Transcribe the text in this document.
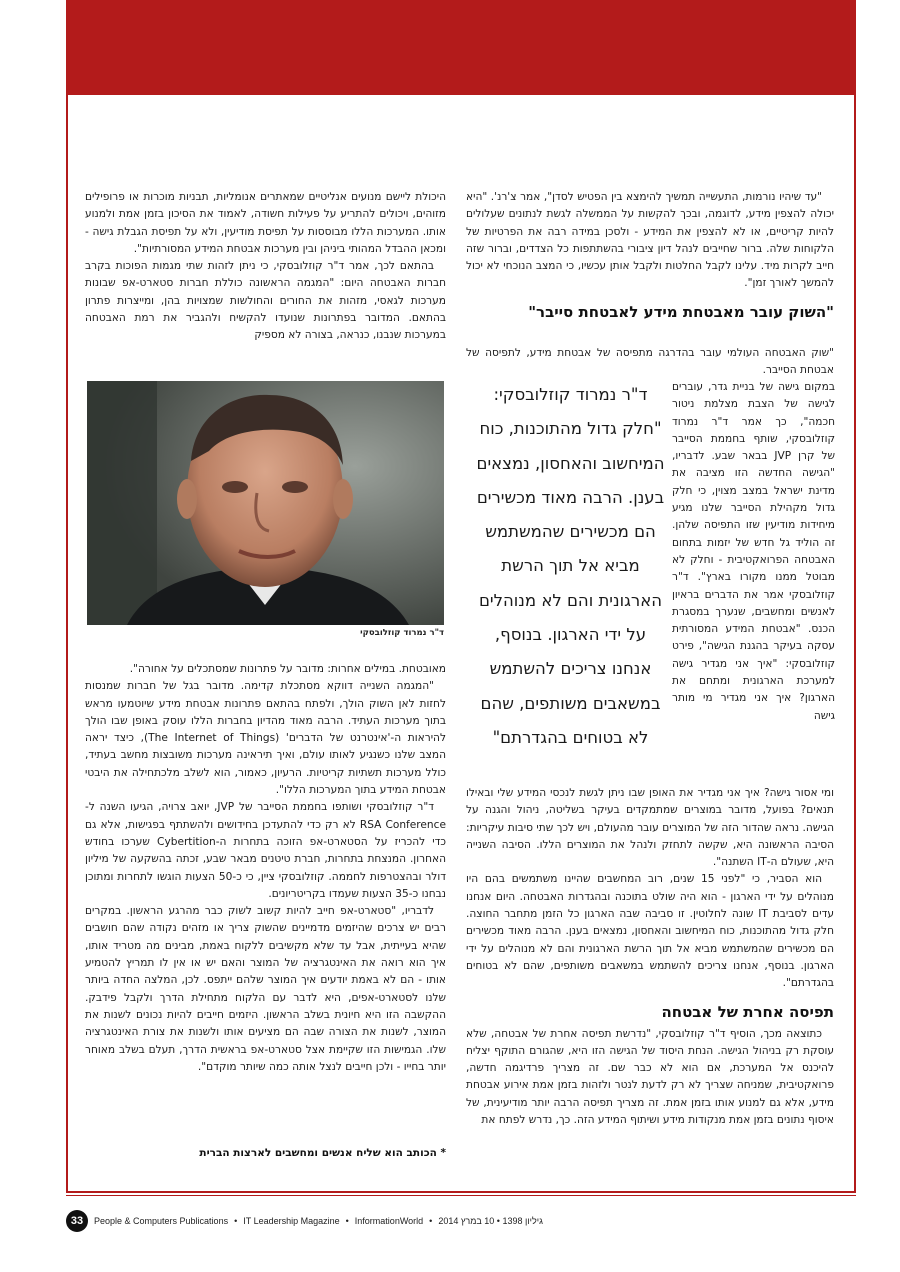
"עד שיהיו נורמות, התעשייה תמשיך להימצא בין הפטיש לסדן", אמר צ'רנ'. "היא יכולה להצפין מידע, לדוגמה, ובכך להקשות על הממשלה לגשת לנתונים שעלולים להיות קריטיים, או לא להצפין את המידע - ולסכן במידה רבה את הפרטיות של הלקוחות שלה. ברור שחייבים לנהל דיון ציבורי בהשתתפות כל הצדדים, וברור שזה חייב לקרות מיד. עלינו לקבל החלטות ולקבל אותן עכשיו, כי המצב הנוכחי לא יכול להמשך לאורך זמן".

"השוק עובר מאבטחת מידע לאבטחת סייבר"

"שוק האבטחה העולמי עובר בהדרגה מתפיסה של אבטחת מידע, לתפיסה של אבטחת הסייבר.

במקום גישה של בניית גדר, עוברים לגישה של הצבת מצלמת ניטור חכמה", כך אמר ד"ר נמרוד קוזלובסקי, שותף בחממת הסייבר של קרן JVP בבאר שבע. לדבריו, "הגישה החדשה הזו מציבה את מדינת ישראל במצב מצוין, כי חלק גדול מקהילת הסייבר שלנו מגיע מיחידות מודיעין שזו התפיסה שלהן. זה הוליד גל חדש של יזמות בתחום האבטחה הפרואקטיבית - וחלק לא מבוטל ממנו מקורו בארץ". ד"ר קוזלובסקי אמר את הדברים בראיון לאנשים ומחשבים, שנערך במסגרת הכנס. "אבטחת המידע המסורתית עסקה בעיקר בהגנת הגישה", פירט קוזלובסקי: "איך אני מגדיר גישה למערכת הארגונית ומתחם את הארגון? איך אני מגדיר מי מותר גישה

ד"ר נמרוד קוזלובסקי: "חלק גדול מהתוכנות, כוח המיחשוב והאחסון, נמצאים בענן. הרבה מאוד מכשירים הם מכשירים שהמשתמש מביא אל תוך הרשת הארגונית והם לא מנוהלים על ידי הארגון. בנוסף, אנחנו צריכים להשתמש במשאבים משותפים, שהם לא בטוחים בהגדרתם"

ומי אסור גישה? איך אני מגדיר את האופן שבו ניתן לגשת לנכסי המידע שלי ובאילו תנאים? בפועל, מדובר במוצרים שמתמקדים בעיקר בשליטה, ניהול והגנה על הגישה. נראה שהדור הזה של המוצרים עובר מהעולם, ויש לכך שתי סיבות עיקריות: הסיבה הראשונה היא, שקשה לתחזק ולנהל את המוצרים הללו. הסיבה השנייה היא, שעולם ה-IT השתנה".

הוא הסביר, כי "לפני 15 שנים, רוב המחשבים שהיינו משתמשים בהם היו מנוהלים על ידי הארגון - הוא היה שולט בתוכנה ובהגדרות האבטחה. היום אנחנו עדים לסביבת IT שונה לחלוטין. זו סביבה שבה הארגון כל הזמן מתחבר החוצה. חלק גדול מהתוכנות, כוח המיחשוב והאחסון, נמצאים בענן. הרבה מאוד מכשירים הם מכשירים שהמשתמש מביא אל תוך הרשת הארגונית והם לא מנוהלים על ידי הארגון. בנוסף, אנחנו צריכים להשתמש במשאבים משותפים, שהם לא בטוחים בהגדרתם".

תפיסה אחרת של אבטחה

כתוצאה מכך, הוסיף ד"ר קוזלובסקי, "נדרשת תפיסה אחרת של אבטחה, שלא עוסקת רק בניהול הגישה. הנחת היסוד של הגישה הזו היא, שהגורם התוקף יצליח להיכנס אל המערכת, אם הוא לא כבר שם. זה מצריך פרדיגמה חדשה, פרואקטיבית, שמניחה שצריך לא רק לדעת לנטר ולזהות בזמן אמת אירוע אבטחת מידע, אלא גם למנוע אותו בזמן אמת. זה מצריך תפיסה הרבה יותר מודיעינית, של איסוף נתונים בזמן אמת מנקודות מידע ושיתוף המידע הזה. כך, נדרש לפתח את

היכולת ליישם מנועים אנליטיים שמאתרים אנומליות, תבניות מוכרות או פרופילים מזוהים, ויכולים להתריע על פעילות חשודה, לאמוד את הסיכון בזמן אמת ולמנוע אותו. המערכות הללו מבוססות על תפיסת מודיעין, ולא על תפיסת הגבלת גישה - ומכאן ההבדל המהותי ביניהן ובין מערכות אבטחת המידע המסורתיות".

בהתאם לכך, אמר ד"ר קוזלובסקי, כי ניתן לזהות שתי מגמות הפוכות בקרב חברות האבטחה היום: "המגמה הראשונה כוללת חברות סטארט-אפ שבונות מערכות לגאסי, מזהות את החורים והחולשות שמצויות בהן, ומייצרות פתרון בהתאם. המדובר בפתרונות שנועדו להקשיח ולהגביר את רמת האבטחה במערכות שנבנו, כנראה, בצורה לא מספיק

ד"ר נמרוד קוזלובסקי

מאובטחת. במילים אחרות: מדובר על פתרונות שמסתכלים על אחורה".

"המגמה השנייה דווקא מסתכלת קדימה. מדובר בגל של חברות שמנסות לחזות לאן השוק הולך, ולפתח בהתאם פתרונות אבטחת מידע שיוטמעו מראש בתוך מערכות העתיד. הרבה מאוד מהדיון בחברות הללו עוסק באופן שבו הולך להיראות ה-'אינטרנט של הדברים' (The Internet of Things), כיצד יראה המצב שלנו כשנגיע לאותו עולם, ואיך תיראינה מערכות משובצות מחשב בעתיד, כולל מערכות תשתיות קריטיות. הרעיון, כאמור, הוא לשלב מלכתחילה את היבטי אבטחת המידע בתוך המערכות הללו".

ד"ר קוזלובסקי ושותפו בחממת הסייבר של JVP, יואב צרויה, הגיעו השנה ל-RSA Conference לא רק כדי להתעדכן בחידושים ולהשתתף בפגישות, אלא גם כדי להכריז על הסטארט-אפ הזוכה בתחרות ה-Cybertition שערכו בחודש האחרון. המנצחת בתחרות, חברת טיטנים מבאר שבע, זכתה בהשקעה של מיליון דולר ובהצטרפות לחממה. קוזלובסקי ציין, כי כ-50 הצעות הוגשו לתחרות ומתוכן נבחנו כ-35 הצעות שעמדו בקריטריונים.

לדבריו, "סטארט-אפ חייב להיות קשוב לשוק כבר מהרגע הראשון. במקרים רבים יש צרכים שהיזמים מדמיינים שהשוק צריך או מזהים נקודה שהם חושבים שהיא בעייתית, אבל עד שלא מקשיבים ללקוח באמת, מבינים מה מטריד אותו, איך הוא רואה את האינטגרציה של המוצר והאם יש או אין לו תמריץ להטמיע אותו - הם לא באמת יודעים איך המוצר שלהם ייתפס. לכן, המלצה החדה ביותר שלנו לסטארט-אפים, היא לדבר עם הלקוח מתחילת הדרך ולקבל פידבק. ההקשבה הזו היא חיונית בשלב הראשון. היזמים חייבים להיות נכונים לשנות את המוצר, לשנות את הצורה שבה הם מציעים אותו ולשנות את צורת האינטגרציה שלו. הגמישות הזו שקיימת אצל סטארט-אפ בראשית הדרך, תעלם בשלב מאוחר יותר בחייו - ולכן חייבים לנצל אותה כמה שיותר מוקדם".

* הכותב הוא שליח אנשים ומחשבים לארצות הברית
33	People & Computers Publications • IT Leadership Magazine • InformationWorld • גיליון 1398 • 10 במרץ 2014
